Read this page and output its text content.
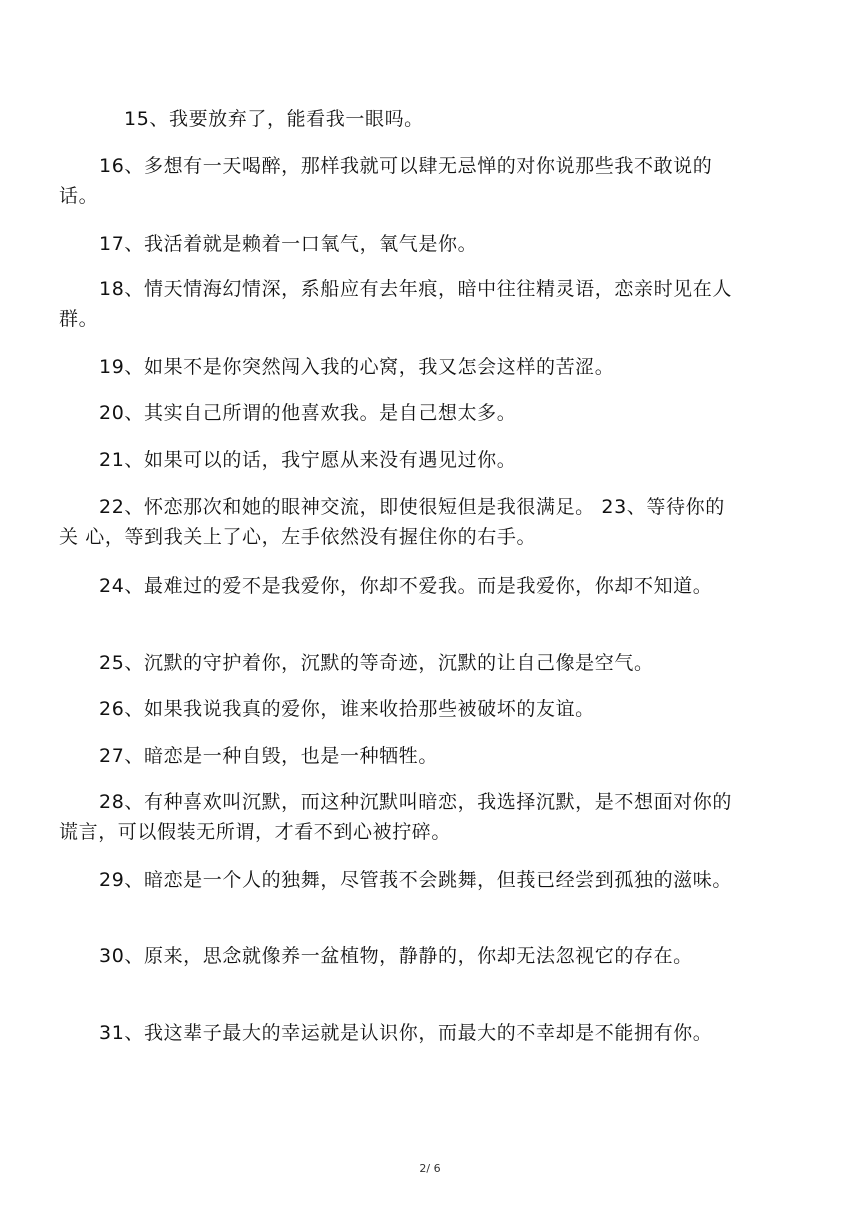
15、我要放弃了，能看我一眼吗。

16、多想有一天喝醉，那样我就可以肆无忌惮的对你说那些我不敢说的 话。

17、我活着就是赖着一口氧气，氧气是你。

18、情天情海幻情深，系船应有去年痕，暗中往往精灵语，恋亲时见在人 群。

19、如果不是你突然闯入我的心窝，我又怎会这样的苦涩。

20、其实自己所谓的他喜欢我。是自己想太多。

21、如果可以的话，我宁愿从来没有遇见过你。

22、怀恋那次和她的眼神交流，即使很短但是我很满足。 23、等待你的关 心，等到我关上了心，左手依然没有握住你的右手。

24、最难过的爱不是我爱你，你却不爱我。而是我爱你，你却不知道。

25、沉默的守护着你，沉默的等奇迹，沉默的让自己像是空气。

26、如果我说我真的爱你，谁来收拾那些被破坏的友谊。

27、暗恋是一种自毁，也是一种牺牲。

28、有种喜欢叫沉默，而这种沉默叫暗恋，我选择沉默，是不想面对你的 谎言，可以假装无所谓，才看不到心被拧碎。

29、暗恋是一个人的独舞，尽管莪不会跳舞，但莪已经尝到孤独的滋味。

30、原来，思念就像养一盆植物，静静的，你却无法忽视它的存在。

31、我这辈子最大的幸运就是认识你，而最大的不幸却是不能拥有你。

2/ 6
